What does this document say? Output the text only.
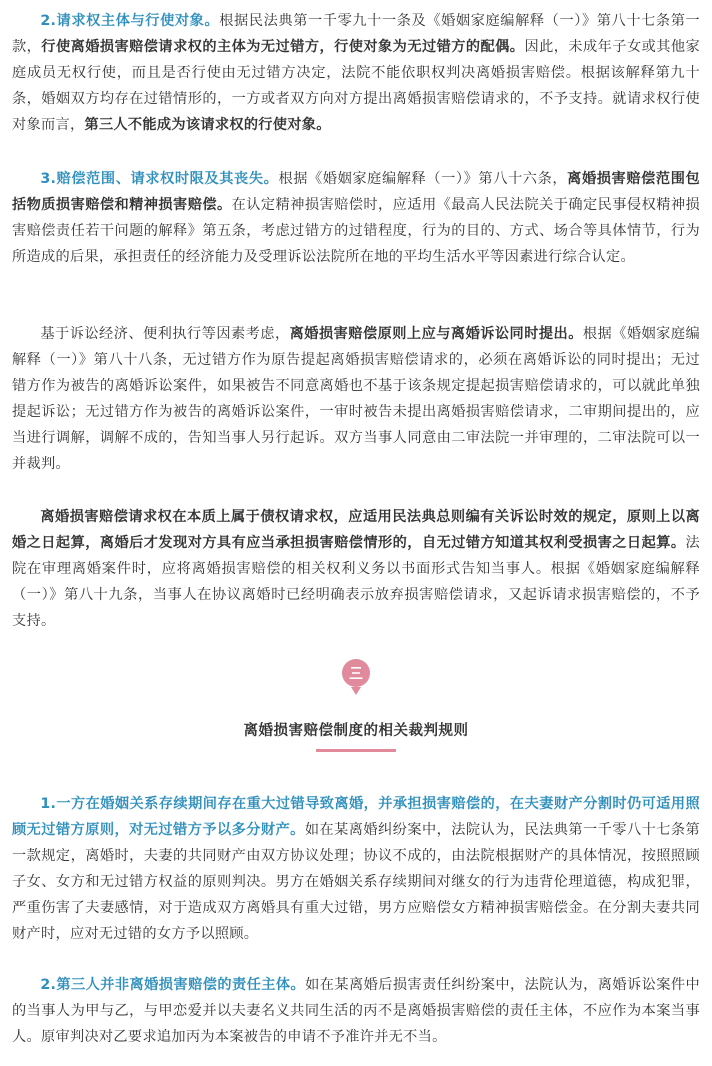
2.请求权主体与行使对象。根据民法典第一千零九十一条及《婚姻家庭编解释（一）》第八十七条第一款，行使离婚损害赔偿请求权的主体为无过错方，行使对象为无过错方的配偶。因此，未成年子女或其他家庭成员无权行使，而且是否行使由无过错方决定，法院不能依职权判决离婚损害赔偿。根据该解释第九十条，婚姻双方均存在过错情形的，一方或者双方向对方提出离婚损害赔偿请求的，不予支持。就请求权行使对象而言，第三人不能成为该请求权的行使对象。

3.赔偿范围、请求权时限及其丧失。根据《婚姻家庭编解释（一）》第八十六条，离婚损害赔偿范围包括物质损害赔偿和精神损害赔偿。在认定精神损害赔偿时，应适用《最高人民法院关于确定民事侵权精神损害赔偿责任若干问题的解释》第五条，考虑过错方的过错程度，行为的目的、方式、场合等具体情节，行为所造成的后果，承担责任的经济能力及受理诉讼法院所在地的平均生活水平等因素进行综合认定。

基于诉讼经济、便利执行等因素考虑，离婚损害赔偿原则上应与离婚诉讼同时提出。根据《婚姻家庭编解释（一）》第八十八条，无过错方作为原告提起离婚损害赔偿请求的，必须在离婚诉讼的同时提出；无过错方作为被告的离婚诉讼案件，如果被告不同意离婚也不基于该条规定提起损害赔偿请求的，可以就此单独提起诉讼；无过错方作为被告的离婚诉讼案件，一审时被告未提出离婚损害赔偿请求，二审期间提出的，应当进行调解，调解不成的，告知当事人另行起诉。双方当事人同意由二审法院一并审理的，二审法院可以一并裁判。

离婚损害赔偿请求权在本质上属于债权请求权，应适用民法典总则编有关诉讼时效的规定，原则上以离婚之日起算，离婚后才发现对方具有应当承担损害赔偿情形的，自无过错方知道其权利受损害之日起算。法院在审理离婚案件时，应将离婚损害赔偿的相关权利义务以书面形式告知当事人。根据《婚姻家庭编解释（一）》第八十九条，当事人在协议离婚时已经明确表示放弃损害赔偿请求，又起诉请求损害赔偿的，不予支持。

离婚损害赔偿制度的相关裁判规则

1.一方在婚姻关系存续期间存在重大过错导致离婚，并承担损害赔偿的，在夫妻财产分割时仍可适用照顾无过错方原则，对无过错方予以多分财产。如在某离婚纠纷案中，法院认为，民法典第一千零八十七条第一款规定，离婚时，夫妻的共同财产由双方协议处理；协议不成的，由法院根据财产的具体情况，按照照顾子女、女方和无过错方权益的原则判决。男方在婚姻关系存续期间对继女的行为违背伦理道德，构成犯罪，严重伤害了夫妻感情，对于造成双方离婚具有重大过错，男方应赔偿女方精神损害赔偿金。在分割夫妻共同财产时，应对无过错的女方予以照顾。

2.第三人并非离婚损害赔偿的责任主体。如在某离婚后损害责任纠纷案中，法院认为，离婚诉讼案件中的当事人为甲与乙，与甲恋爱并以夫妻名义共同生活的丙不是离婚损害赔偿的责任主体，不应作为本案当事人。原审判决对乙要求追加丙为本案被告的申请不予准许并无不当。
